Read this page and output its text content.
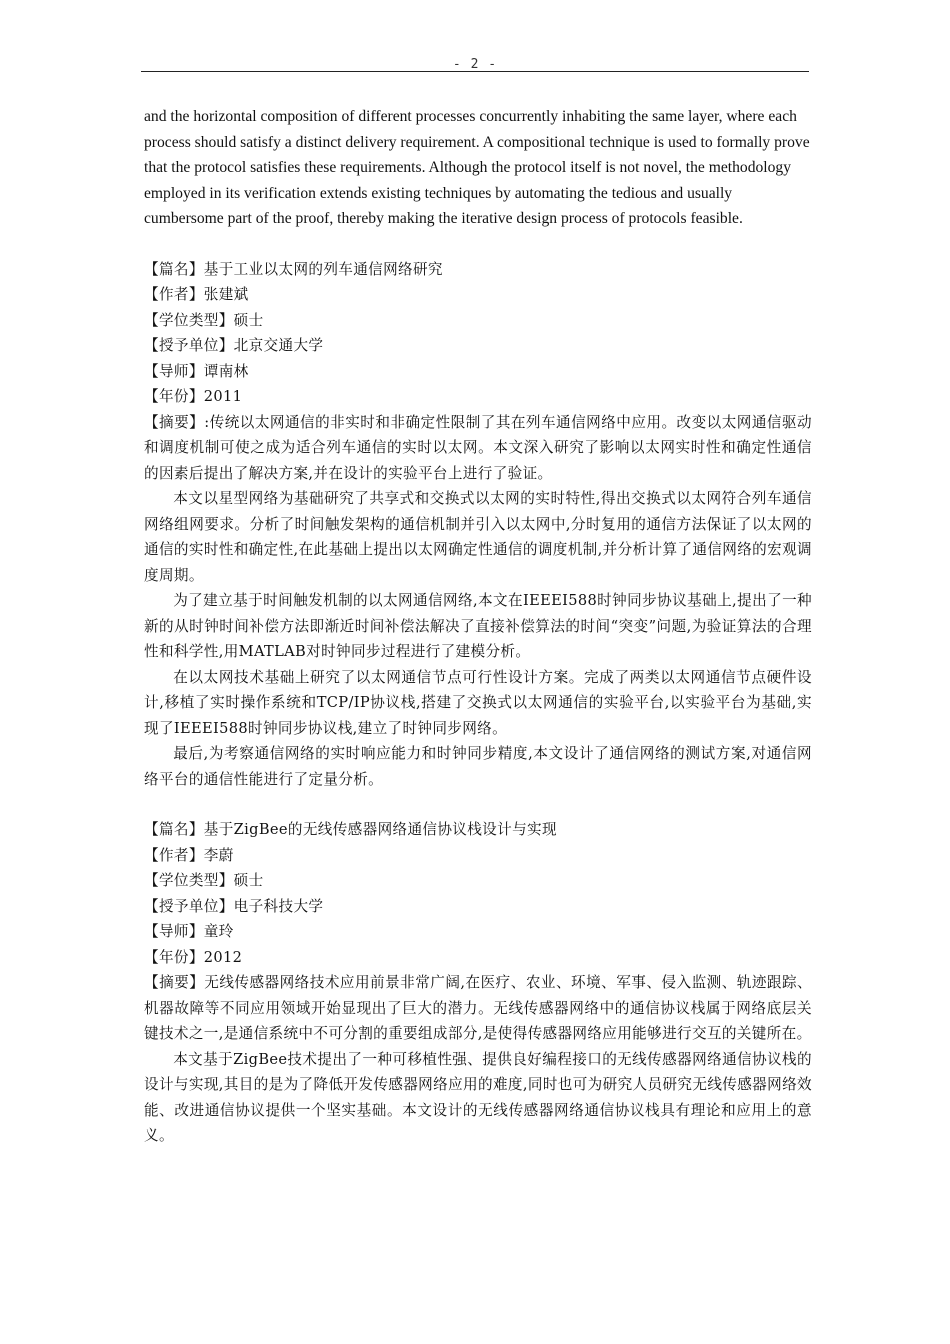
- 2 -

and the horizontal composition of different processes concurrently inhabiting the same layer, where each process should satisfy a distinct delivery requirement. A compositional technique is used to formally prove that the protocol satisfies these requirements. Although the protocol itself is not novel, the methodology employed in its verification extends existing techniques by automating the tedious and usually cumbersome part of the proof, thereby making the iterative design process of protocols feasible.

【篇名】基于工业以太网的列车通信网络研究

【作者】张建斌

【学位类型】硕士

【授予单位】北京交通大学

【导师】谭南林

【年份】2011

【摘要】:传统以太网通信的非实时和非确定性限制了其在列车通信网络中应用。改变以太网通信驱动和调度机制可使之成为适合列车通信的实时以太网。本文深入研究了影响以太网实时性和确定性通信的因素后提出了解决方案,并在设计的实验平台上进行了验证。

本文以星型网络为基础研究了共享式和交换式以太网的实时特性,得出交换式以太网符合列车通信网络组网要求。分析了时间触发架构的通信机制并引入以太网中,分时复用的通信方法保证了以太网的通信的实时性和确定性,在此基础上提出以太网确定性通信的调度机制,并分析计算了通信网络的宏观调度周期。

为了建立基于时间触发机制的以太网通信网络,本文在IEEEI588时钟同步协议基础上,提出了一种新的从时钟时间补偿方法即渐近时间补偿法解决了直接补偿算法的时间“突变”问题,为验证算法的合理性和科学性,用MATLAB对时钟同步过程进行了建模分析。

在以太网技术基础上研究了以太网通信节点可行性设计方案。完成了两类以太网通信节点硬件设计,移植了实时操作系统和TCP/IP协议栈,搭建了交换式以太网通信的实验平台,以实验平台为基础,实现了IEEEI588时钟同步协议栈,建立了时钟同步网络。

最后,为考察通信网络的实时响应能力和时钟同步精度,本文设计了通信网络的测试方案,对通信网络平台的通信性能进行了定量分析。

【篇名】基于ZigBee的无线传感器网络通信协议栈设计与实现

【作者】李蔚

【学位类型】硕士

【授予单位】电子科技大学

【导师】童玲

【年份】2012

【摘要】无线传感器网络技术应用前景非常广阔,在医疗、农业、环境、军事、侵入监测、轨迹跟踪、机器故障等不同应用领域开始显现出了巨大的潜力。无线传感器网络中的通信协议栈属于网络底层关键技术之一,是通信系统中不可分割的重要组成部分,是使得传感器网络应用能够进行交互的关键所在。

本文基于ZigBee技术提出了一种可移植性强、提供良好编程接口的无线传感器网络通信协议栈的设计与实现,其目的是为了降低开发传感器网络应用的难度,同时也可为研究人员研究无线传感器网络效能、改进通信协议提供一个坚实基础。本文设计的无线传感器网络通信协议栈具有理论和应用上的意义。
